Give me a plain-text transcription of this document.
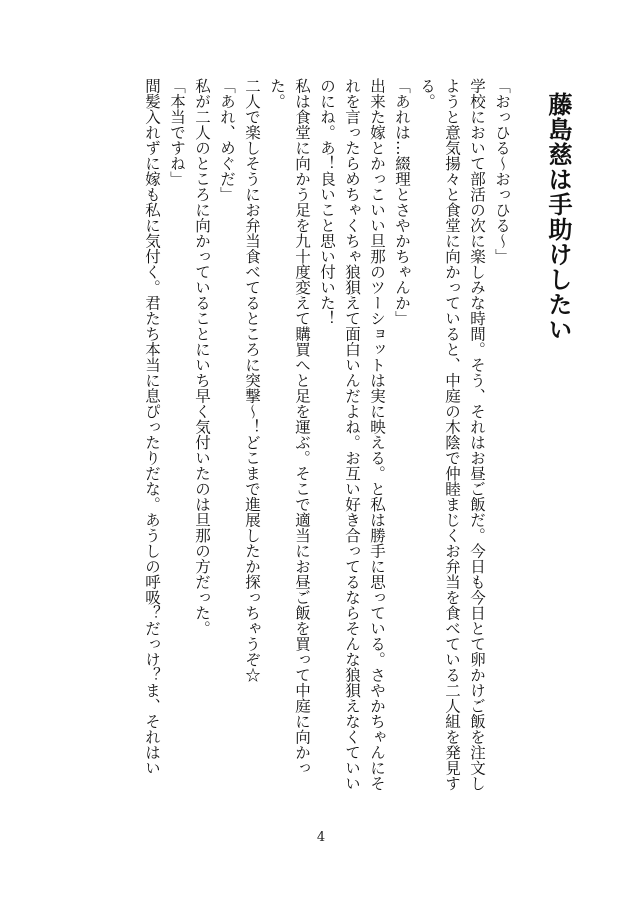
藤島慈は手助けしたい

「おっひる〜おっひる〜」

学校において部活の次に楽しみな時間。そう、それはお昼ご飯だ。今日も今日とて卵かけご飯を注文しようと意気揚々と食堂に向かっていると、中庭の木陰で仲睦まじくお弁当を食べている二人組を発見する。

「あれは…綴理とさやかちゃんか」

出来た嫁とかっこいい旦那のツーショットは実に映える。と私は勝手に思っている。さやかちゃんにそれを言ったらめちゃくちゃ狼狽えて面白いんだよね。お互い好き合ってるならそんな狼狽えなくていいのにね。あ！良いこと思い付いた！

私は食堂に向かう足を九十度変えて購買へと足を運ぶ。そこで適当にお昼ご飯を買って中庭に向かった。

二人で楽しそうにお弁当食べてるところに突撃〜！どこまで進展したか探っちゃうぞ☆

「あれ、めぐだ」

私が二人のところに向かっていることにいち早く気付いたのは旦那の方だった。

「本当ですね」

間髪入れずに嫁も私に気付く。君たち本当に息ぴったりだな。あうしの呼吸？だっけ？ま、それはい

4
